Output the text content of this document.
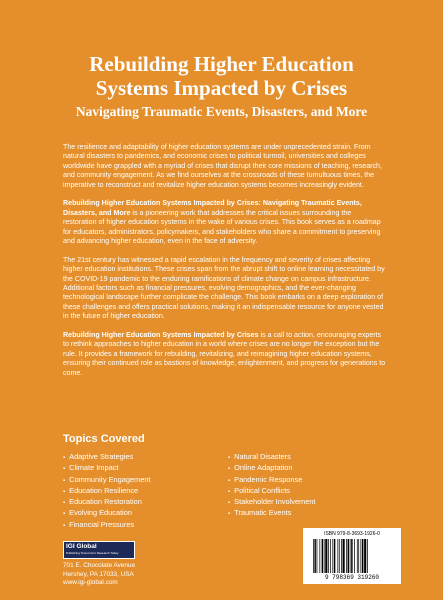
Rebuilding Higher Education
Systems Impacted by Crises
Navigating Traumatic Events, Disasters, and More

The resilience and adaptability of higher education systems are under unprecedented strain. From natural disasters to pandemics, and economic crises to political turmoil, universities and colleges worldwide have grappled with a myriad of crises that disrupt their core missions of teaching, research, and community engagement. As we find ourselves at the crossroads of these tumultuous times, the imperative to reconstruct and revitalize higher education systems becomes increasingly evident.

Rebuilding Higher Education Systems Impacted by Crises: Navigating Traumatic Events, Disasters, and More is a pioneering work that addresses the critical issues surrounding the restoration of higher education systems in the wake of various crises. This book serves as a roadmap for educators, administrators, policymakers, and stakeholders who share a commitment to preserving and advancing higher education, even in the face of adversity.

The 21st century has witnessed a rapid escalation in the frequency and severity of crises affecting higher education institutions. These crises span from the abrupt shift to online learning necessitated by the COVID-19 pandemic to the enduring ramifications of climate change on campus infrastructure. Additional factors such as financial pressures, evolving demographics, and the ever-changing technological landscape further complicate the challenge. This book embarks on a deep exploration of these challenges and offers practical solutions, making it an indispensable resource for anyone vested in the future of higher education.

Rebuilding Higher Education Systems Impacted by Crises is a call to action, encouraging experts to rethink approaches to higher education in a world where crises are no longer the exception but the rule. It provides a framework for rebuilding, revitalizing, and reimagining higher education systems, ensuring their continued role as bastions of knowledge, enlightenment, and progress for generations to come.

Topics Covered
▪ Adaptive Strategies
▪ Climate Impact
▪ Community Engagement
▪ Education Resilience
▪ Education Restoration
▪ Evolving Education
▪ Financial Pressures
▪ Natural Disasters
▪ Online Adaptation
▪ Pandemic Response
▪ Political Conflicts
▪ Stakeholder Involvement
▪ Traumatic Events
IGI Global
Publishing Tomorrow's Research Today
701 E. Chocolate Avenue
Hershey, PA 17033, USA
www.igi-global.com
ISBN 979-8-3693-1926-0
9 798369 319260
